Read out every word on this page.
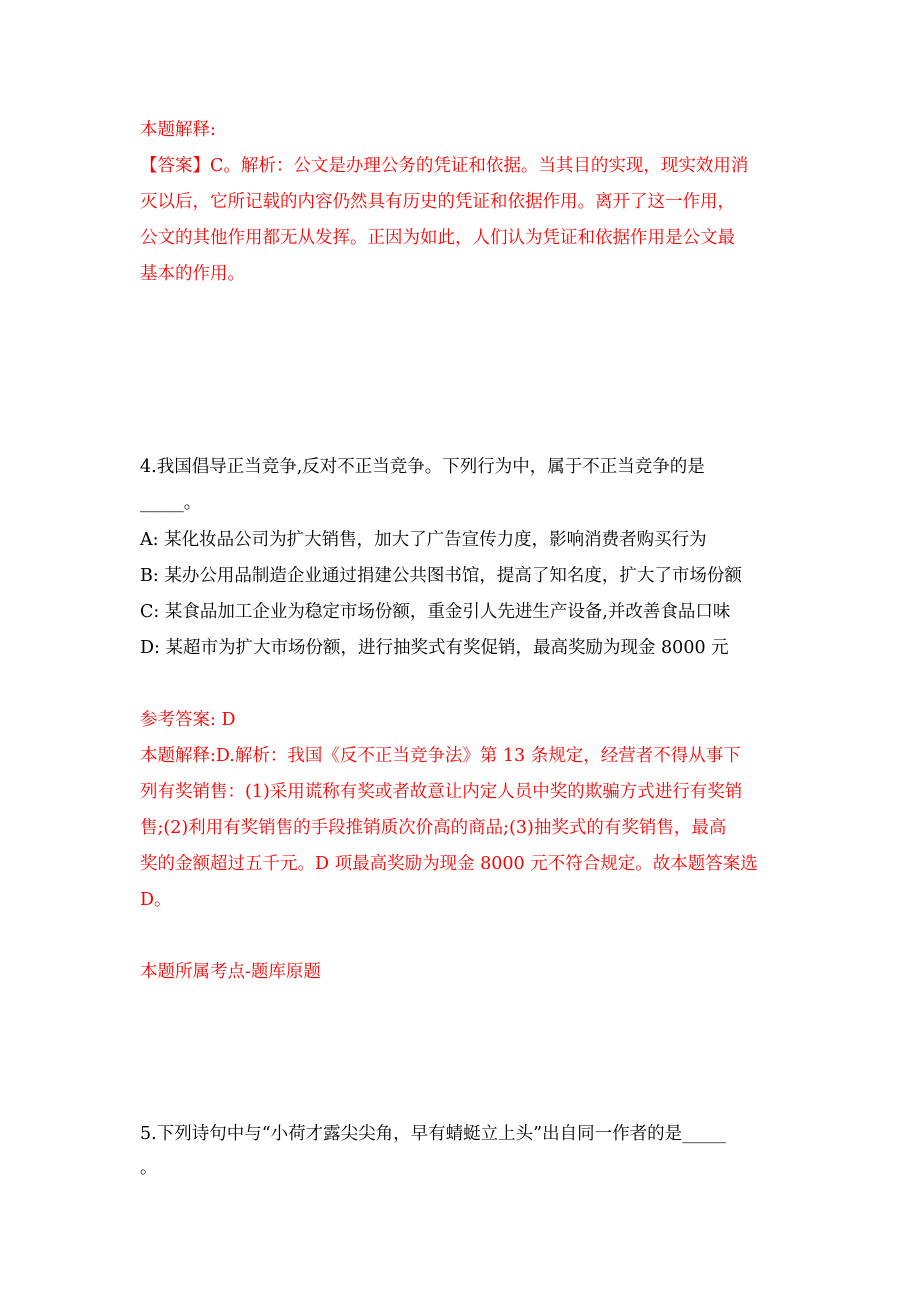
本题解释:
【答案】C。解析：公文是办理公务的凭证和依据。当其目的实现，现实效用消
灭以后，它所记载的内容仍然具有历史的凭证和依据作用。离开了这一作用，
公文的其他作用都无从发挥。正因为如此，人们认为凭证和依据作用是公文最
基本的作用。
4.我国倡导正当竞争,反对不正当竞争。下列行为中，属于不正当竞争的是
_____。
A: 某化妆品公司为扩大销售，加大了广告宣传力度，影响消费者购买行为
B: 某办公用品制造企业通过捐建公共图书馆，提高了知名度，扩大了市场份额
C: 某食品加工企业为稳定市场份额，重金引人先进生产设备,并改善食品口味
D: 某超市为扩大市场份额，进行抽奖式有奖促销，最高奖励为现金 8000 元
参考答案: D
本题解释:D.解析：我国《反不正当竞争法》第 13 条规定，经营者不得从事下
列有奖销售：(1)采用谎称有奖或者故意让内定人员中奖的欺骗方式进行有奖销
售;(2)利用有奖销售的手段推销质次价高的商品;(3)抽奖式的有奖销售，最高
奖的金额超过五千元。D 项最高奖励为现金 8000 元不符合规定。故本题答案选
D。
本题所属考点-题库原题
5.下列诗句中与“小荷才露尖尖角，早有蜻蜓立上头”出自同一作者的是_____
。
